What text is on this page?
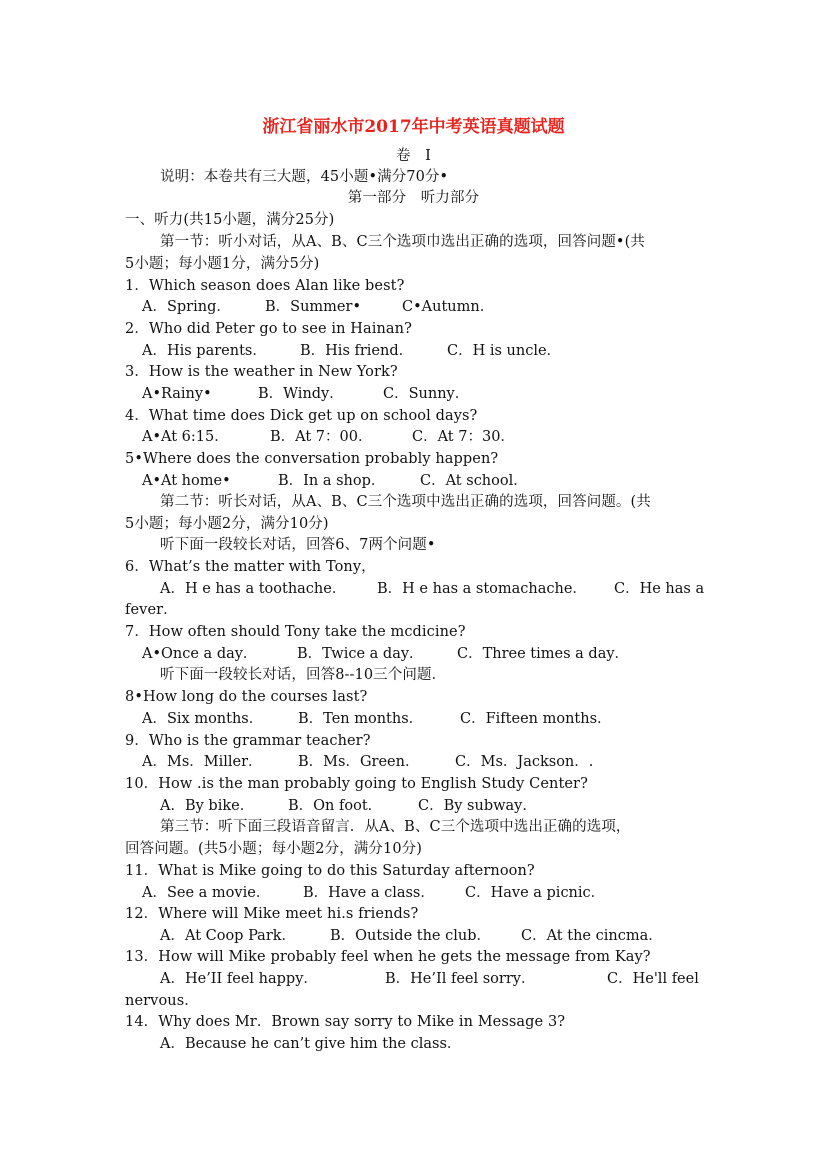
浙江省丽水市2017年中考英语真题试题
卷　I
说明：本卷共有三大题，45小题•满分70分•
第一部分　听力部分
一、听力(共15小题，满分25分)
第一节：听小对话，从A、B、C三个选项巾选出正确的选项，回答问题•(共
5小题；每小题1分，满分5分)
1．Which season does Alan like best?
A．Spring． B．Summer•	C•Autumn．
2．Who did Peter go to see in Hainan?
A．His parents． B．His friend． C．H is uncle．
3．How is the weather in New York?
A•Rainy•	B．Windy．	C．Sunny．
4．What time does Dick get up on school days?
A•At 6:15．	B．At 7：00．	C．At 7：30．
5•Where does the conversation probably happen?
A•At home•	B．In a shop． C．At school．
第二节：听长对话，从A、B、C三个选项中选出正确的选项，回答问题。(共
5小题；每小题2分，满分10分)
听下面一段较长对话，回答6、7两个问题•
6．What’s the matter with Tony，
A．H e has a toothache． B．H e has a stomachache． C．He has a
fever．
7．How often should Tony take the mcdicine?
A•Once a day．	B．Twice a day． C．Three times a day．
听下面一段较长对话，回答8--10三个问题．
8•How long do the courses last?
A．Six months． B．Ten months．	C．Fifteen months．
9．Who is the grammar teacher?
A．Ms．Miller． B．Ms．Green． C．Ms．Jackson．.
10．How .is the man probably going to English Study Center?
A．By bike． B．On foot． C．By subway．
第三节：听下面三段语音留言．从A、B、C三个选项中选出正确的选项，
回答问题。(共5小题；每小题2分，满分10分)
11．What is Mike going to do this Saturday afternoon?
A．See a movie． B．Have a class． C．Have a picnic．
12．Where will Mike meet hi.s friends?
A．At Coop Park． B．Outside the club． C．At the cincma．
13．How will Mike probably feel when he gets the message from Kay?
A．He’II feel happy．	B．He’Il feel sorry．	C．He'll feel
nervous．
14．Why does Mr．Brown say sorry to Mike in Message 3?
A．Because he can’t give him the class．
